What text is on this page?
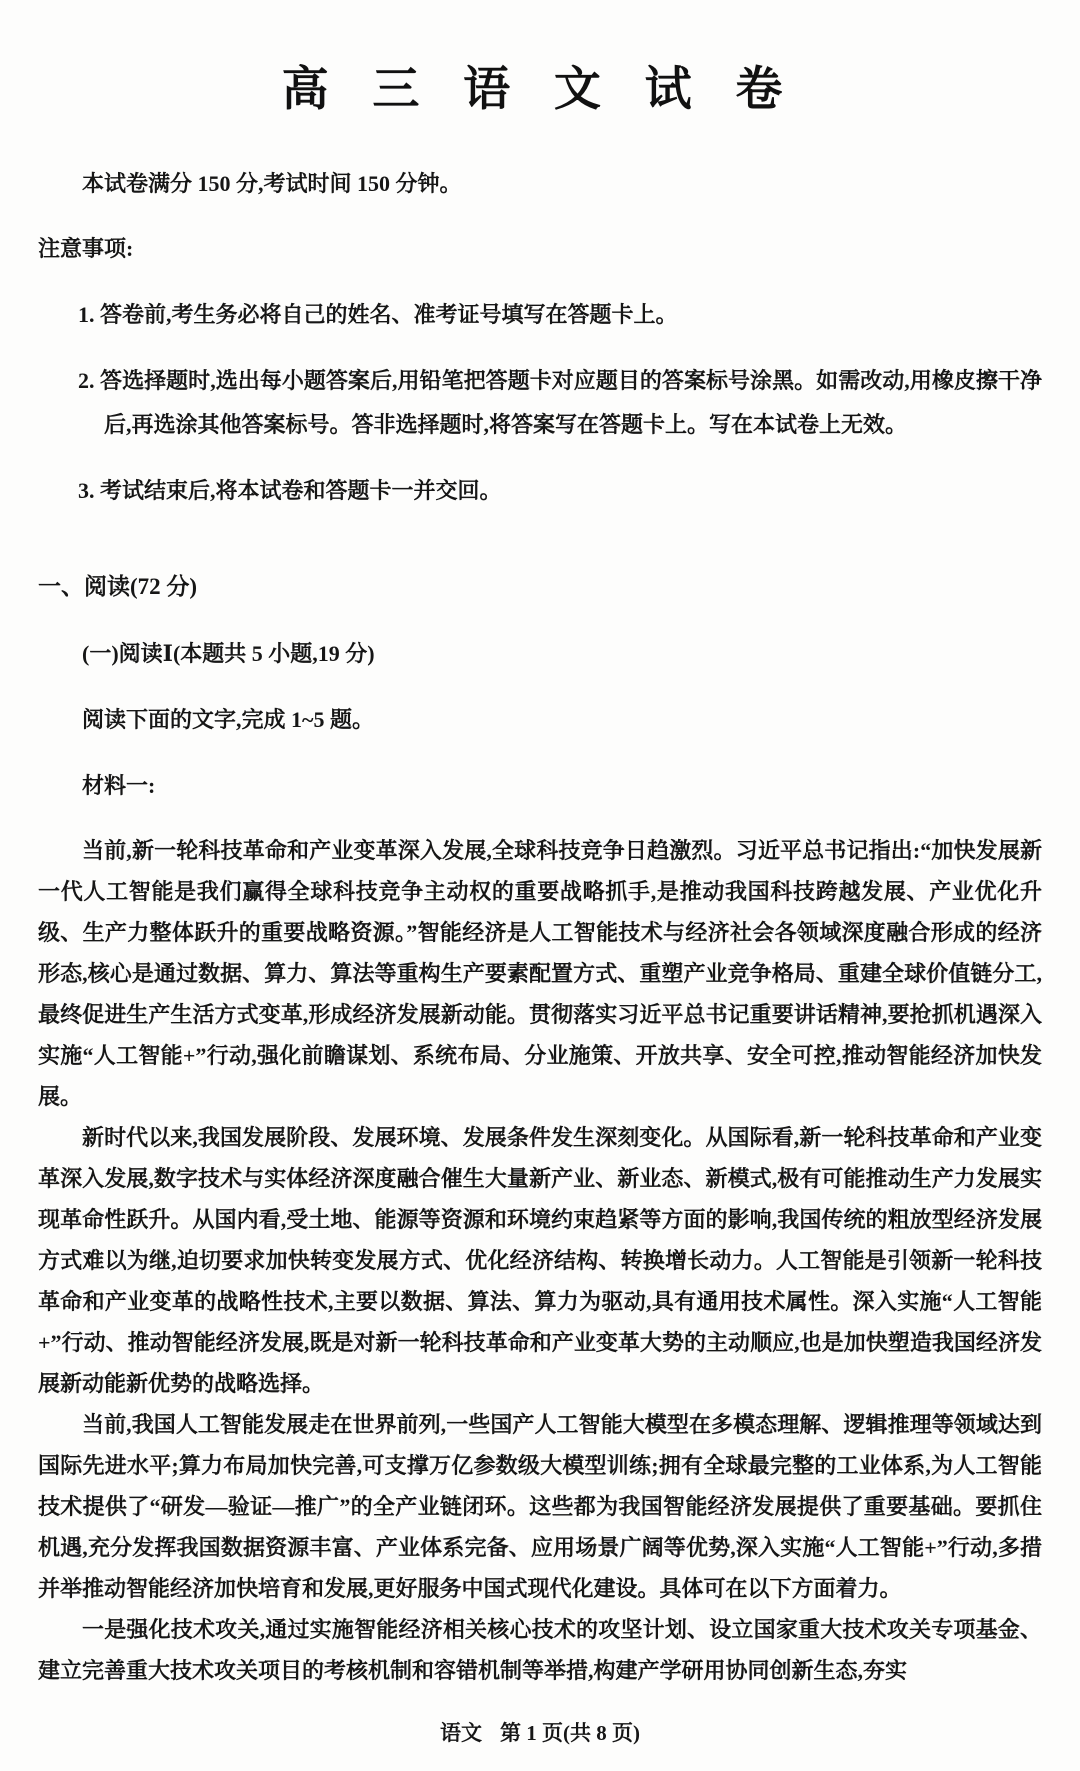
高 三 语 文 试 卷

本试卷满分 150 分,考试时间 150 分钟。

注意事项:

1. 答卷前,考生务必将自己的姓名、准考证号填写在答题卡上。

2. 答选择题时,选出每小题答案后,用铅笔把答题卡对应题目的答案标号涂黑。如需改动,用橡皮擦干净后,再选涂其他答案标号。答非选择题时,将答案写在答题卡上。写在本试卷上无效。

3. 考试结束后,将本试卷和答题卡一并交回。

一、阅读(72 分)

(一)阅读Ⅰ(本题共 5 小题,19 分)

阅读下面的文字,完成 1~5 题。

材料一:

当前,新一轮科技革命和产业变革深入发展,全球科技竞争日趋激烈。习近平总书记指出:“加快发展新一代人工智能是我们赢得全球科技竞争主动权的重要战略抓手,是推动我国科技跨越发展、产业优化升级、生产力整体跃升的重要战略资源。”智能经济是人工智能技术与经济社会各领域深度融合形成的经济形态,核心是通过数据、算力、算法等重构生产要素配置方式、重塑产业竞争格局、重建全球价值链分工,最终促进生产生活方式变革,形成经济发展新动能。贯彻落实习近平总书记重要讲话精神,要抢抓机遇深入实施“人工智能+”行动,强化前瞻谋划、系统布局、分业施策、开放共享、安全可控,推动智能经济加快发展。

新时代以来,我国发展阶段、发展环境、发展条件发生深刻变化。从国际看,新一轮科技革命和产业变革深入发展,数字技术与实体经济深度融合催生大量新产业、新业态、新模式,极有可能推动生产力发展实现革命性跃升。从国内看,受土地、能源等资源和环境约束趋紧等方面的影响,我国传统的粗放型经济发展方式难以为继,迫切要求加快转变发展方式、优化经济结构、转换增长动力。人工智能是引领新一轮科技革命和产业变革的战略性技术,主要以数据、算法、算力为驱动,具有通用技术属性。深入实施“人工智能+”行动、推动智能经济发展,既是对新一轮科技革命和产业变革大势的主动顺应,也是加快塑造我国经济发展新动能新优势的战略选择。

当前,我国人工智能发展走在世界前列,一些国产人工智能大模型在多模态理解、逻辑推理等领域达到国际先进水平;算力布局加快完善,可支撑万亿参数级大模型训练;拥有全球最完整的工业体系,为人工智能技术提供了“研发—验证—推广”的全产业链闭环。这些都为我国智能经济发展提供了重要基础。要抓住机遇,充分发挥我国数据资源丰富、产业体系完备、应用场景广阔等优势,深入实施“人工智能+”行动,多措并举推动智能经济加快培育和发展,更好服务中国式现代化建设。具体可在以下方面着力。

一是强化技术攻关,通过实施智能经济相关核心技术的攻坚计划、设立国家重大技术攻关专项基金、建立完善重大技术攻关项目的考核机制和容错机制等举措,构建产学研用协同创新生态,夯实

语文 第 1 页(共 8 页)
